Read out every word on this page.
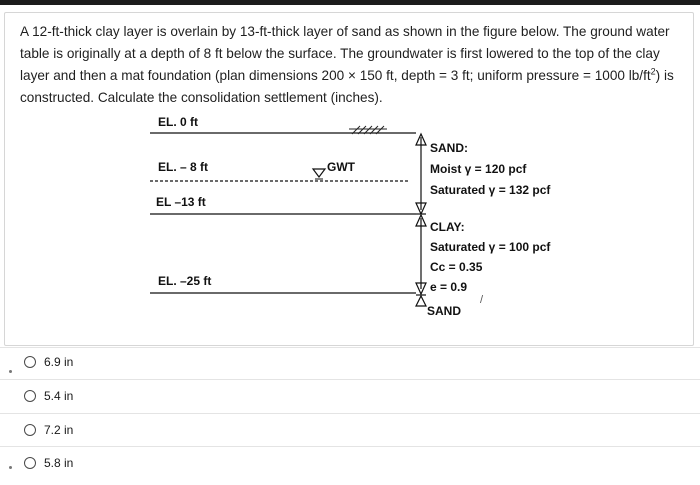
A 12-ft-thick clay layer is overlain by 13-ft-thick layer of sand as shown in the figure below. The ground water
table is originally at a depth of 8 ft below the surface. The groundwater is first lowered to the top of the clay
layer and then a mat foundation (plan dimensions 200 × 150 ft, depth = 3 ft; uniform pressure = 1000 $lb/ft^2$) is
constructed. Calculate the consolidation settlement (inches).
EL. 0 ft
EL. – 8 ft	GWT
EL –13 ft
EL. –25 ft
SAND:
Moist γ = 120 pcf
Saturated γ = 132 pcf
CLAY:
Saturated γ = 100 pcf
Cc = 0.35
e = 0.9
SAND
/
6.9 in
5.4 in
7.2 in
5.8 in
